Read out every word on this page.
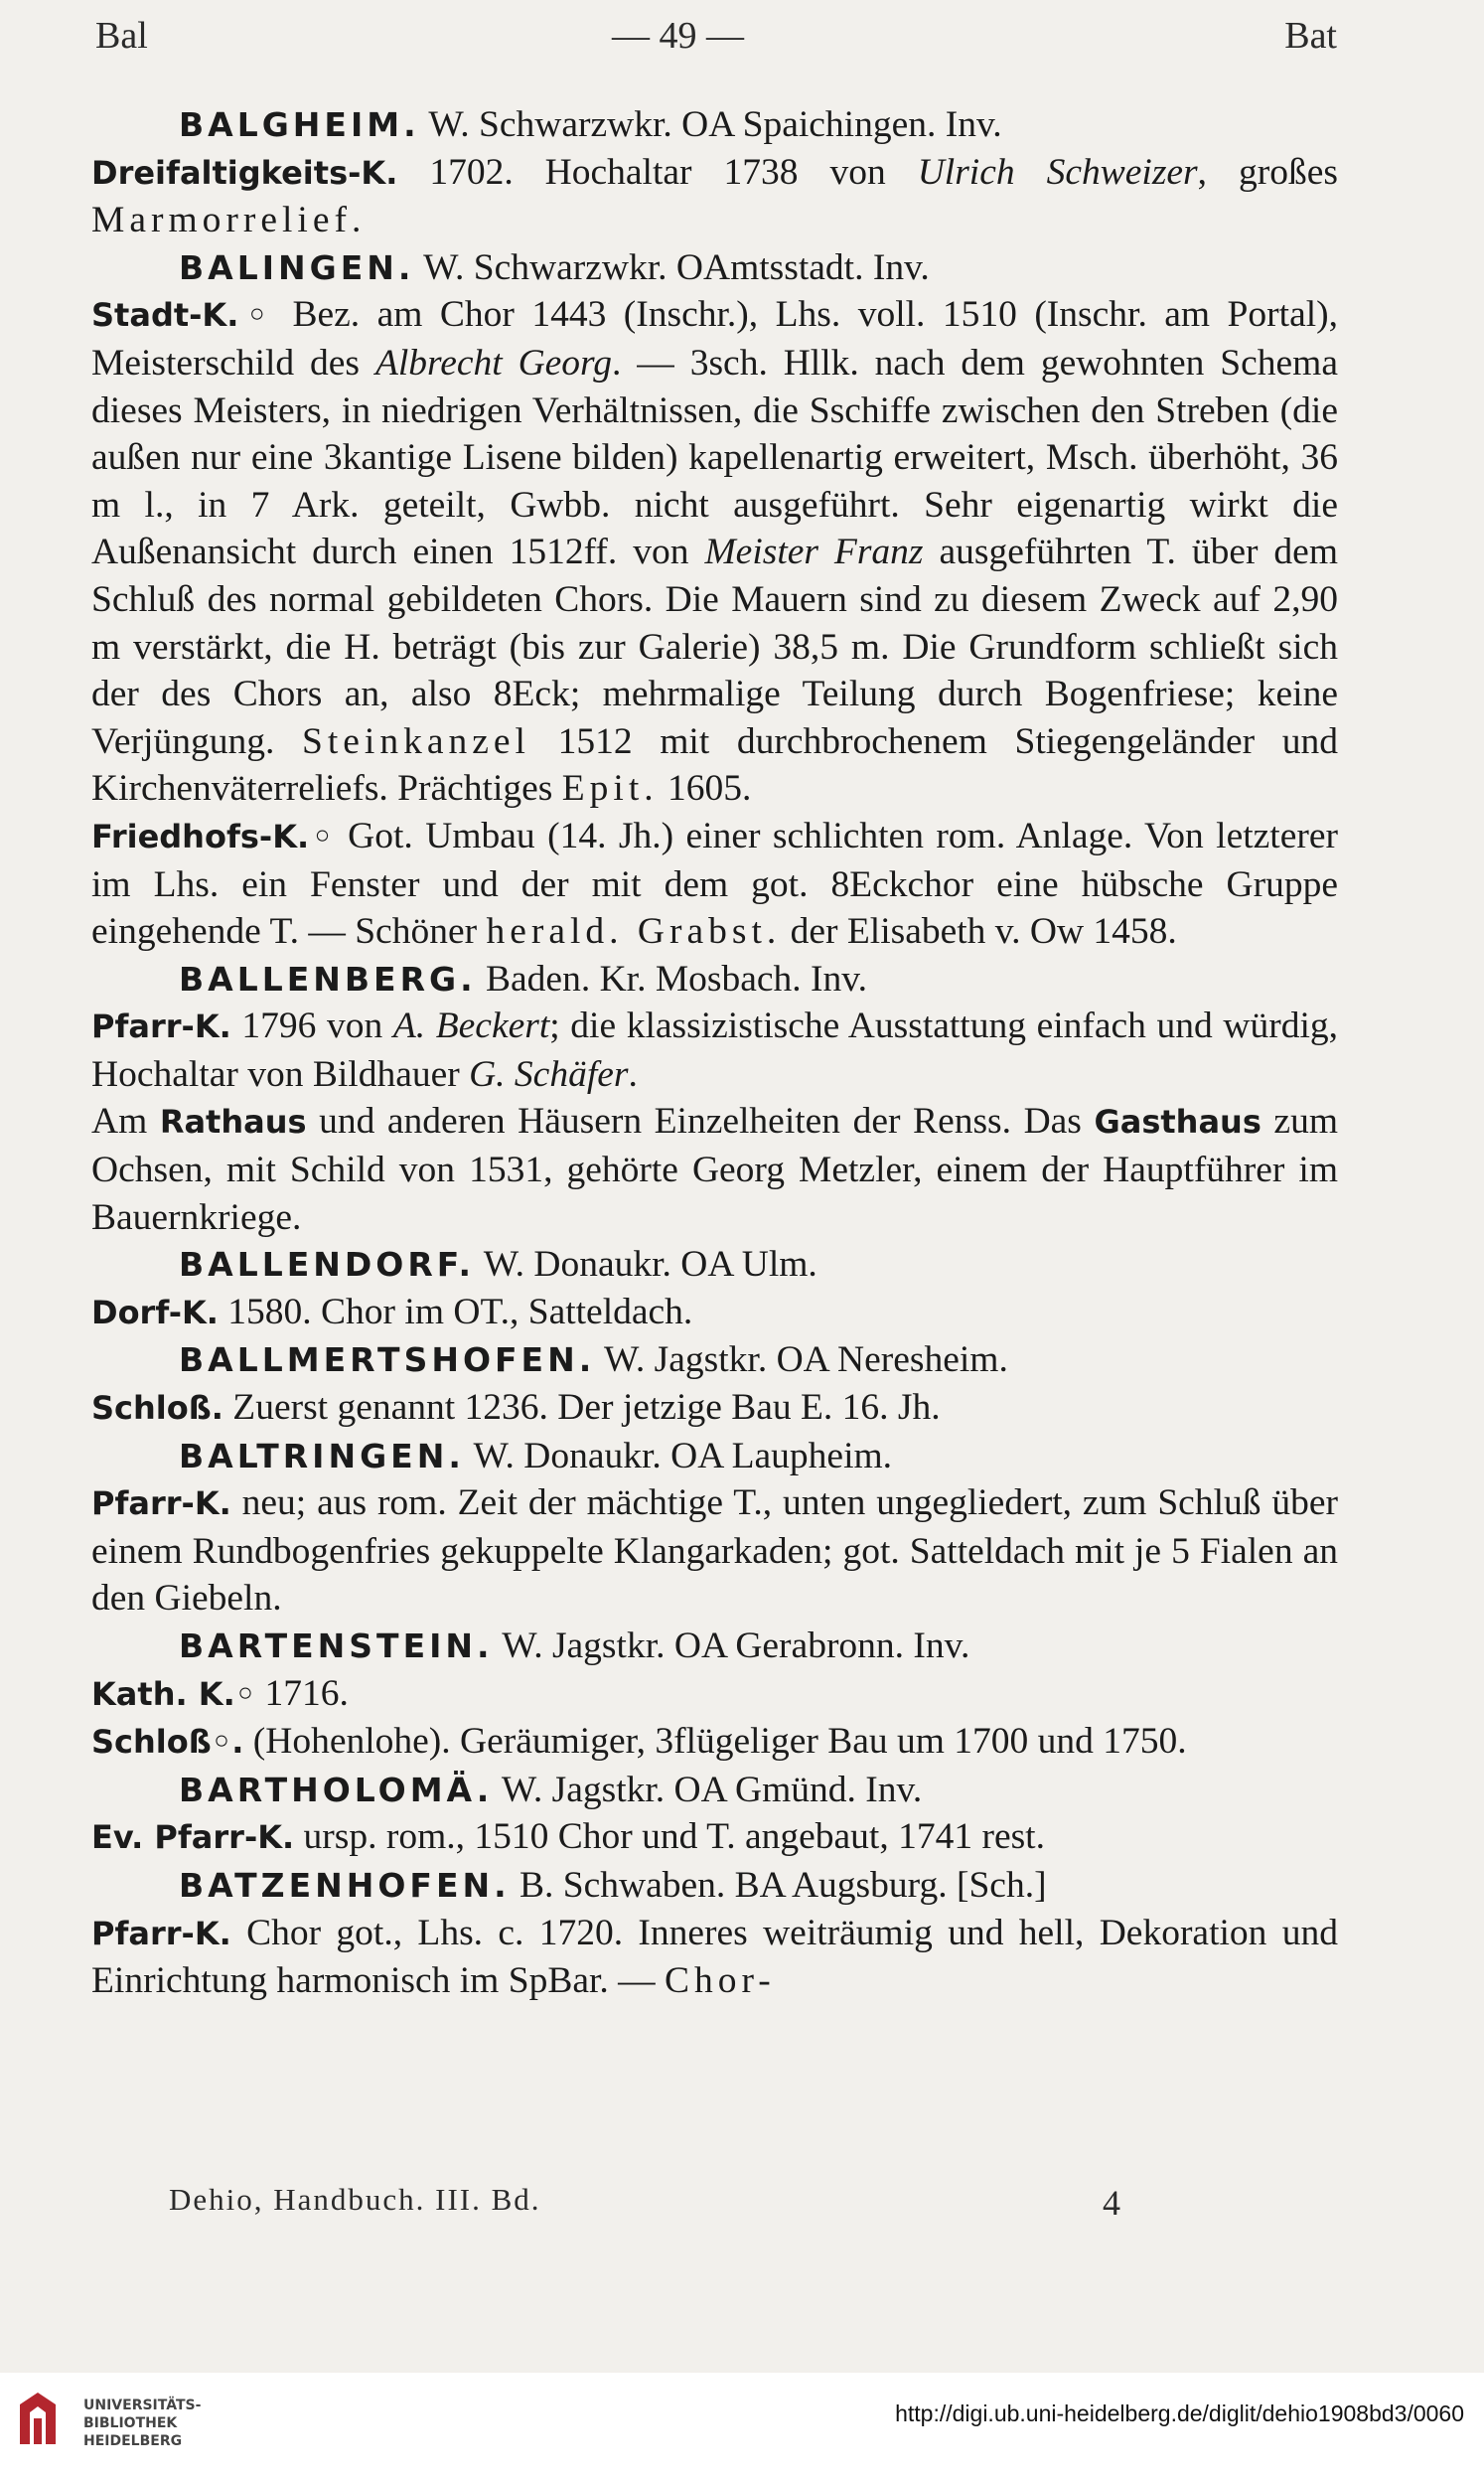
Bal	— 49 —	Bat

BALGHEIM. W. Schwarzwkr. OA Spaichingen. Inv.

Dreifaltigkeits-K. 1702. Hochaltar 1738 von Ulrich Schweizer, großes Marmorrelief.

BALINGEN. W. Schwarzwkr. OAmtsstadt. Inv.

Stadt-K.◦ Bez. am Chor 1443 (Inschr.), Lhs. voll. 1510 (Inschr. am Portal), Meisterschild des Albrecht Georg. — 3sch. Hllk. nach dem gewohnten Schema dieses Meisters, in niedrigen Verhältnissen, die Sschiffe zwischen den Streben (die außen nur eine 3kantige Lisene bilden) kapellenartig erweitert, Msch. überhöht, 36 m l., in 7 Ark. geteilt, Gwbb. nicht ausgeführt. Sehr eigenartig wirkt die Außenansicht durch einen 1512ff. von Meister Franz ausgeführten T. über dem Schluß des normal gebildeten Chors. Die Mauern sind zu diesem Zweck auf 2,90 m verstärkt, die H. beträgt (bis zur Galerie) 38,5 m. Die Grundform schließt sich der des Chors an, also 8Eck; mehrmalige Teilung durch Bogenfriese; keine Verjüngung. Steinkanzel 1512 mit durchbrochenem Stiegengeländer und Kirchenväterreliefs. Prächtiges Epit. 1605.

Friedhofs-K.◦ Got. Umbau (14. Jh.) einer schlichten rom. Anlage. Von letzterer im Lhs. ein Fenster und der mit dem got. 8Eckchor eine hübsche Gruppe eingehende T. — Schöner herald. Grabst. der Elisabeth v. Ow 1458.

BALLENBERG. Baden. Kr. Mosbach. Inv.

Pfarr-K. 1796 von A. Beckert; die klassizistische Ausstattung einfach und würdig, Hochaltar von Bildhauer G. Schäfer.

Am Rathaus und anderen Häusern Einzelheiten der Renss. Das Gasthaus zum Ochsen, mit Schild von 1531, gehörte Georg Metzler, einem der Hauptführer im Bauernkriege.

BALLENDORF. W. Donaukr. OA Ulm.

Dorf-K. 1580. Chor im OT., Satteldach.

BALLMERTSHOFEN. W. Jagstkr. OA Neresheim.

Schloß. Zuerst genannt 1236. Der jetzige Bau E. 16. Jh.

BALTRINGEN. W. Donaukr. OA Laupheim.

Pfarr-K. neu; aus rom. Zeit der mächtige T., unten ungegliedert, zum Schluß über einem Rundbogenfries gekuppelte Klangarkaden; got. Satteldach mit je 5 Fialen an den Giebeln.

BARTENSTEIN. W. Jagstkr. OA Gerabronn. Inv.

Kath. K.◦ 1716.

Schloß◦. (Hohenlohe). Geräumiger, 3flügeliger Bau um 1700 und 1750.

BARTHOLOMÄ. W. Jagstkr. OA Gmünd. Inv.

Ev. Pfarr-K. ursp. rom., 1510 Chor und T. angebaut, 1741 rest.

BATZENHOFEN. B. Schwaben. BA Augsburg. [Sch.]

Pfarr-K. Chor got., Lhs. c. 1720. Inneres weiträumig und hell, Dekoration und Einrichtung harmonisch im SpBar. — Chor-

Dehio, Handbuch. III. Bd.	4
UNIVERSITÄTS-
BIBLIOTHEK
HEIDELBERG
http://digi.ub.uni-heidelberg.de/diglit/dehio1908bd3/0060
